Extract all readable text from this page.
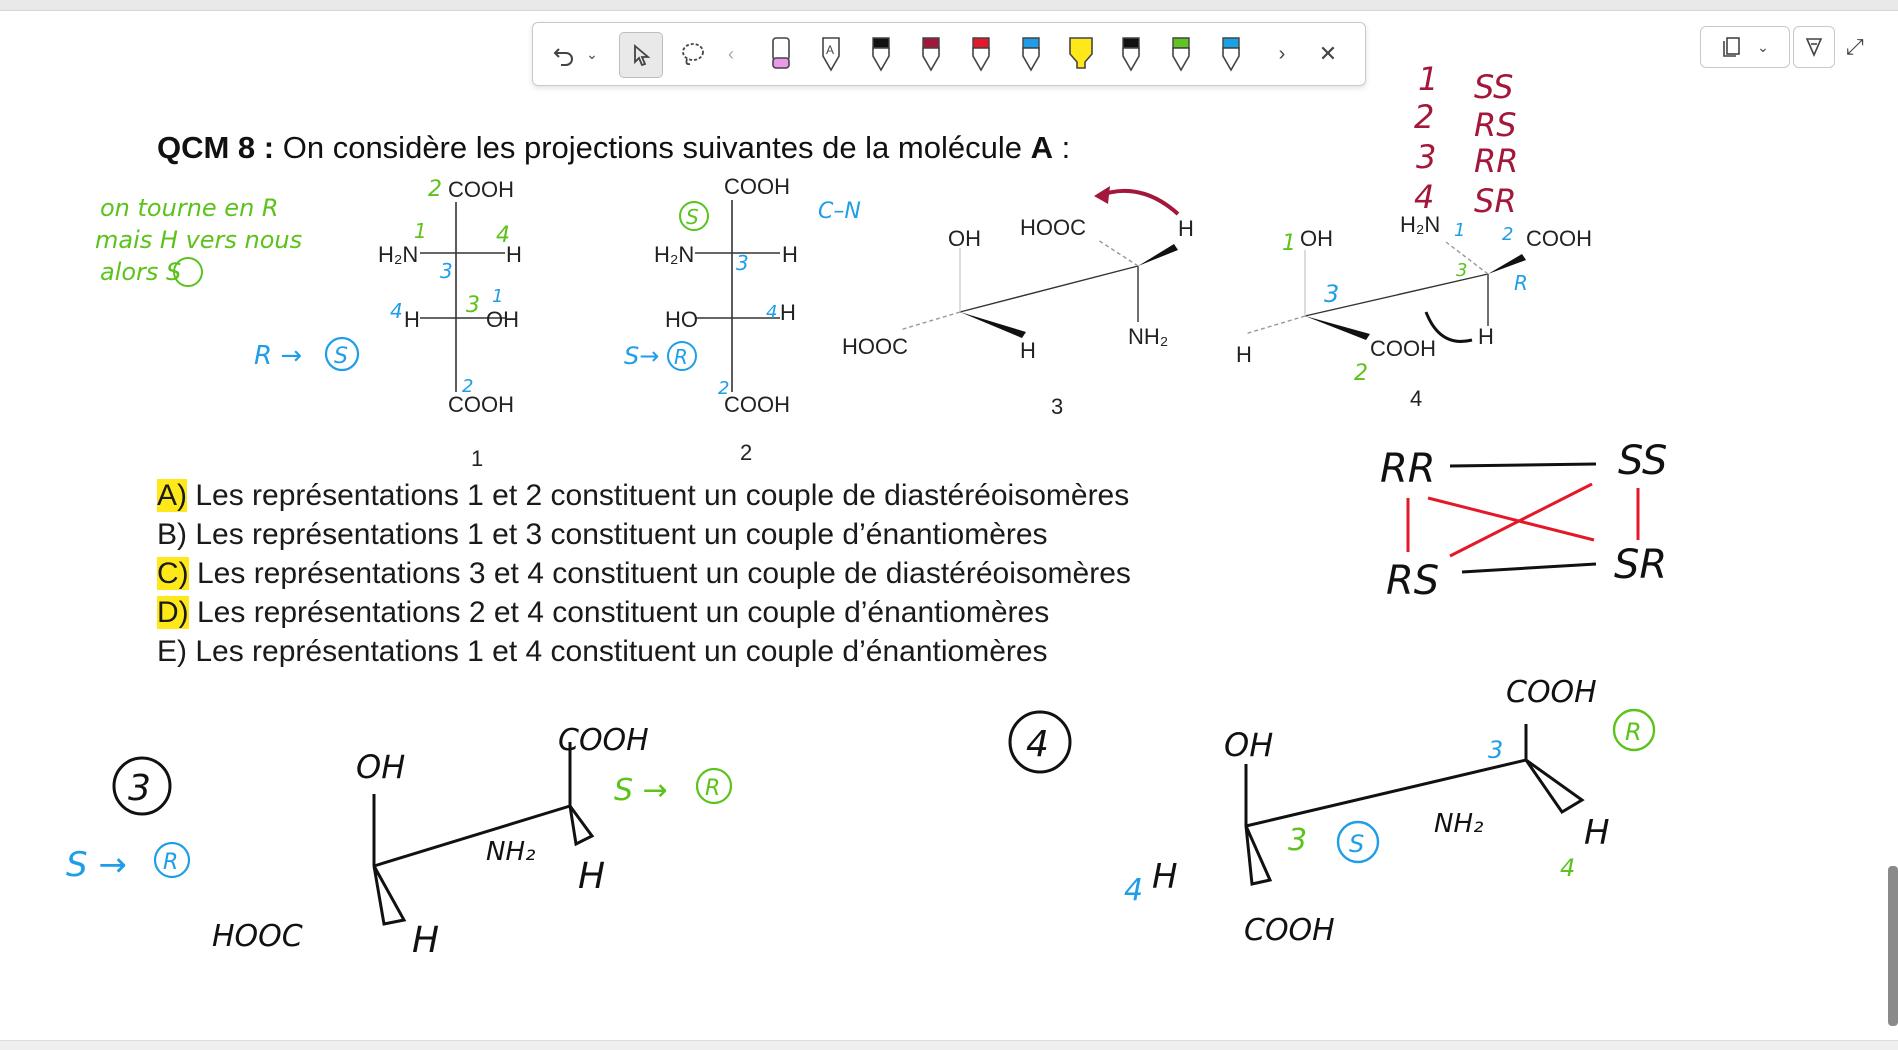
⌄	‹	A	› ✕	⌄	⤢
QCM 8 : On considère les projections suivantes de la molécule A :
COOH
H₂N	H
H	OH
COOH
1
COOH
H₂N	H
HO	H
COOH
2
OH HOOC	H
HOOC	H
NH₂
3
OH
H₂N
COOH
H	COOH H
4
on tourne en R
mais H vers nous
alors S
2
1	4
3
4	3 1
2
R → S
S	C–N
3
4
2
S→ R
1
3
1 2
3
R
2
1 SS
2 RS
3 RR
4 SR
RR	SS
RS	SR
3
OH
COOH
HOOC
NH₂
H
H
S → R
S → R
4	OH
COOH
COOH
NH₂	H
H
S
R
4
3
3
4
A) Les représentations 1 et 2 constituent un couple de diastéréoisomères
B) Les représentations 1 et 3 constituent un couple d’énantiomères
C) Les représentations 3 et 4 constituent un couple de diastéréoisomères
D) Les représentations 2 et 4 constituent un couple d’énantiomères
E) Les représentations 1 et 4 constituent un couple d’énantiomères
